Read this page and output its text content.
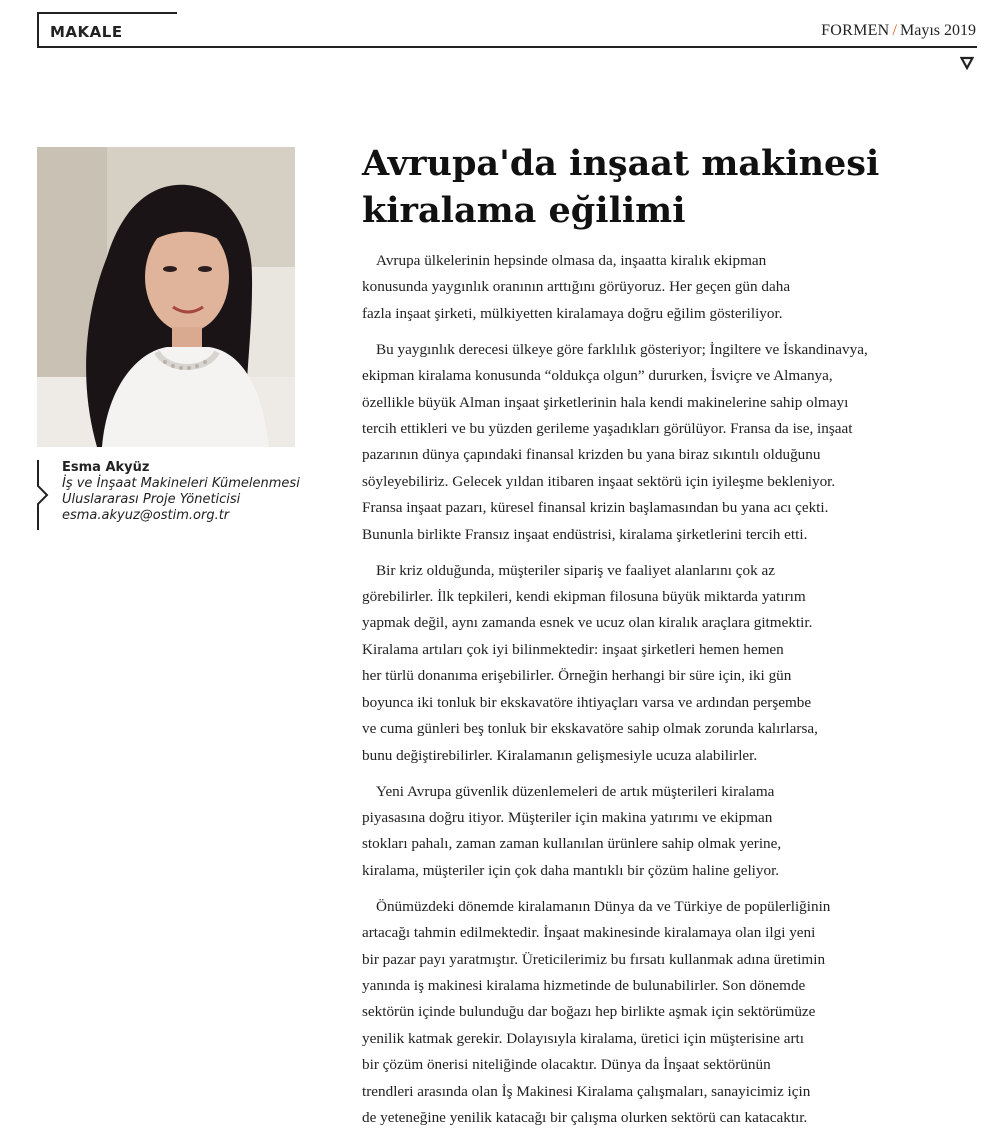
MAKALE	FORMEN / Mayıs 2019
Esma Akyüz
İş ve İnşaat Makineleri Kümelenmesi
Uluslararası Proje Yöneticisi
esma.akyuz@ostim.org.tr
Avrupa'da inşaat makinesi
kiralama eğilimi

Avrupa ülkelerinin hepsinde olmasa da, inşaatta kiralık ekipman
konusunda yaygınlık oranının arttığını görüyoruz. Her geçen gün daha
fazla inşaat şirketi, mülkiyetten kiralamaya doğru eğilim gösteriliyor.

Bu yaygınlık derecesi ülkeye göre farklılık gösteriyor; İngiltere ve İskandinavya,
ekipman kiralama konusunda “oldukça olgun” dururken, İsviçre ve Almanya,
özellikle büyük Alman inşaat şirketlerinin hala kendi makinelerine sahip olmayı
tercih ettikleri ve bu yüzden gerileme yaşadıkları görülüyor. Fransa da ise, inşaat
pazarının dünya çapındaki finansal krizden bu yana biraz sıkıntılı olduğunu
söyleyebiliriz. Gelecek yıldan itibaren inşaat sektörü için iyileşme bekleniyor.
Fransa inşaat pazarı, küresel finansal krizin başlamasından bu yana acı çekti.
Bununla birlikte Fransız inşaat endüstrisi, kiralama şirketlerini tercih etti.

Bir kriz olduğunda, müşteriler sipariş ve faaliyet alanlarını çok az
görebilirler. İlk tepkileri, kendi ekipman filosuna büyük miktarda yatırım
yapmak değil, aynı zamanda esnek ve ucuz olan kiralık araçlara gitmektir.
Kiralama artıları çok iyi bilinmektedir: inşaat şirketleri hemen hemen
her türlü donanıma erişebilirler. Örneğin herhangi bir süre için, iki gün
boyunca iki tonluk bir ekskavatöre ihtiyaçları varsa ve ardından perşembe
ve cuma günleri beş tonluk bir ekskavatöre sahip olmak zorunda kalırlarsa,
bunu değiştirebilirler. Kiralamanın gelişmesiyle ucuza alabilirler.

Yeni Avrupa güvenlik düzenlemeleri de artık müşterileri kiralama
piyasasına doğru itiyor. Müşteriler için makina yatırımı ve ekipman
stokları pahalı, zaman zaman kullanılan ürünlere sahip olmak yerine,
kiralama, müşteriler için çok daha mantıklı bir çözüm haline geliyor.

Önümüzdeki dönemde kiralamanın Dünya da ve Türkiye de popülerliğinin
artacağı tahmin edilmektedir. İnşaat makinesinde kiralamaya olan ilgi yeni
bir pazar payı yaratmıştır. Üreticilerimiz bu fırsatı kullanmak adına üretimin
yanında iş makinesi kiralama hizmetinde de bulunabilirler. Son dönemde
sektörün içinde bulunduğu dar boğazı hep birlikte aşmak için sektörümüze
yenilik katmak gerekir. Dolayısıyla kiralama, üretici için müşterisine artı
bir çözüm önerisi niteliğinde olacaktır. Dünya da İnşaat sektörünün
trendleri arasında olan İş Makinesi Kiralama çalışmaları, sanayicimiz için
de yeteneğine yenilik katacağı bir çalışma olurken sektörü can katacaktır.
